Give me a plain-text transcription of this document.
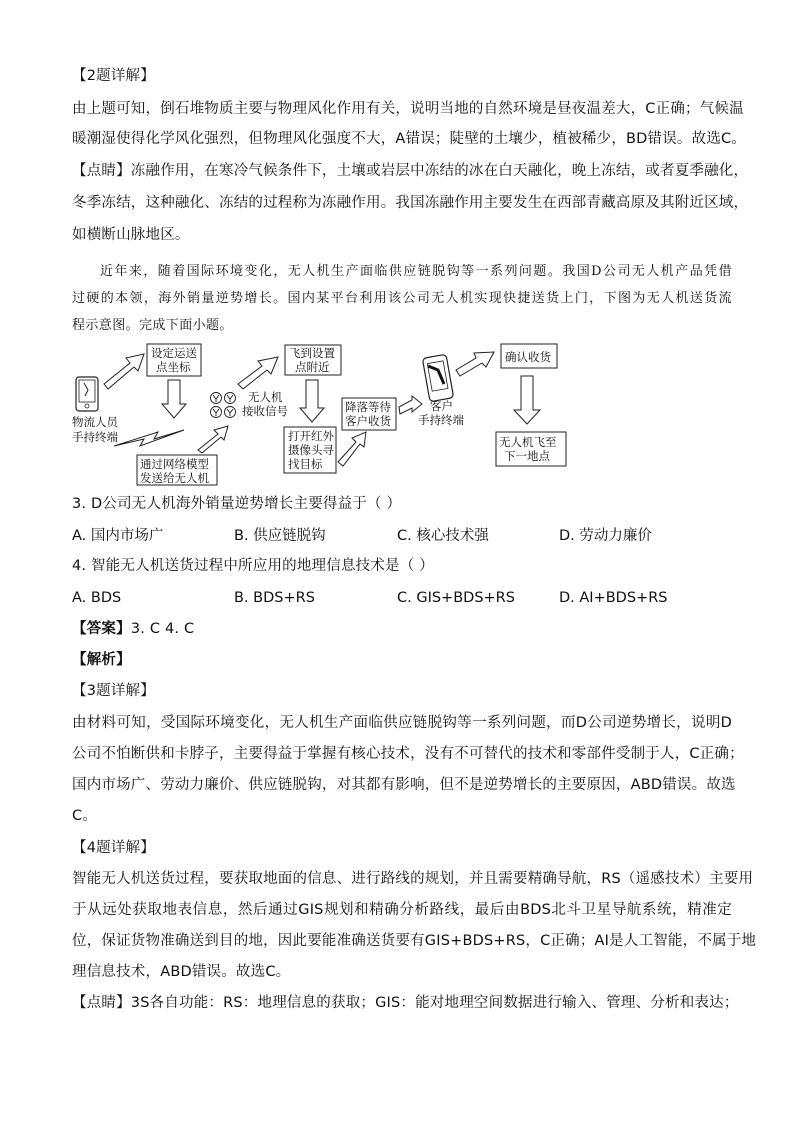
【2题详解】
由上题可知，倒石堆物质主要与物理风化作用有关，说明当地的自然环境是昼夜温差大，C正确；气候温
暖潮湿使得化学风化强烈，但物理风化强度不大，A错误；陡壁的土壤少，植被稀少，BD错误。故选C。
【点睛】冻融作用，在寒冷气候条件下，土壤或岩层中冻结的冰在白天融化，晚上冻结，或者夏季融化，
冬季冻结，这种融化、冻结的过程称为冻融作用。我国冻融作用主要发生在西部青藏高原及其附近区域，
如横断山脉地区。
近年来，随着国际环境变化，无人机生产面临供应链脱钩等一系列问题。我国D公司无人机产品凭借
过硬的本领，海外销量逆势增长。国内某平台利用该公司无人机实现快捷送货上门，下图为无人机送货流
程示意图。完成下面小题。
物流人员
手持终端
设定运送
点坐标
通过网络模型
发送给无人机
无人机
接收信号
飞到设置
点附近
打开红外
摄像头寻
找目标
降落等待
客户收货
客户
手持终端
确认收货
无人机飞至
下一地点
3. D公司无人机海外销量逆势增长主要得益于（ ）
A. 国内市场广	B. 供应链脱钩	C. 核心技术强	D. 劳动力廉价
4. 智能无人机送货过程中所应用的地理信息技术是（ ）
A. BDS	B. BDS+RS	C. GIS+BDS+RS	D. AI+BDS+RS
【答案】3. C 4. C
【解析】
【3题详解】
由材料可知，受国际环境变化，无人机生产面临供应链脱钩等一系列问题，而D公司逆势增长，说明D
公司不怕断供和卡脖子，主要得益于掌握有核心技术，没有不可替代的技术和零部件受制于人，C正确；
国内市场广、劳动力廉价、供应链脱钩，对其都有影响，但不是逆势增长的主要原因，ABD错误。故选
C。
【4题详解】
智能无人机送货过程，要获取地面的信息、进行路线的规划，并且需要精确导航，RS（遥感技术）主要用
于从远处获取地表信息，然后通过GIS规划和精确分析路线，最后由BDS北斗卫星导航系统，精准定
位，保证货物准确送到目的地，因此要能准确送货要有GIS+BDS+RS，C正确；AI是人工智能，不属于地
理信息技术，ABD错误。故选C。
【点睛】3S各自功能：RS：地理信息的获取；GIS：能对地理空间数据进行输入、管理、分析和表达；
